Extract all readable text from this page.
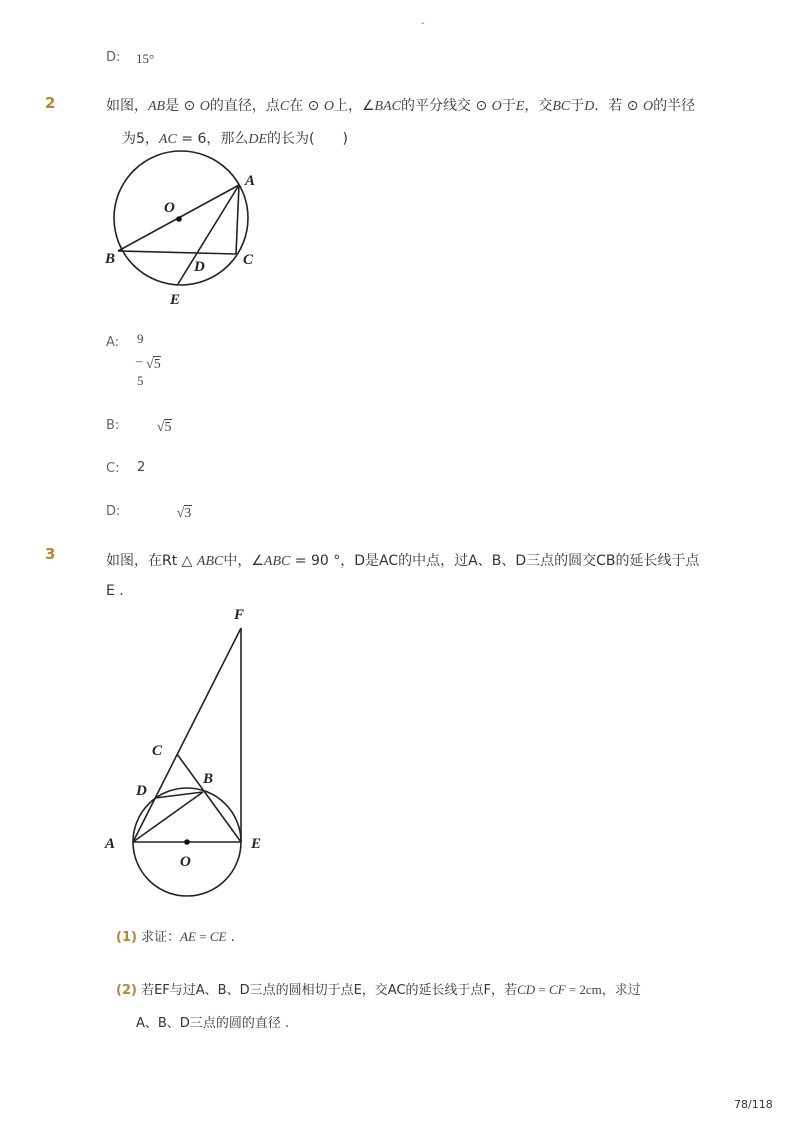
-
D: 15°
2	如图，AB是 ⊙ O的直径，点C在 ⊙ O上，∠BAC的平分线交 ⊙ O于E，交BC于D．若 ⊙ O的半径
为5，AC = 6，那么DE的长为(　　)
O
A
B	C
D
E
A: 9
– √5

5
B:	√5

C: 2
D:	√3
3	如图，在Rt △ ABC中，∠ABC = 90 °，D是AC的中点，过A、B、D三点的圆交CB的延长线于点
E .
F
C
B
D
A
O
E
(1) 求证：AE = CE .
(2) 若EF与过A、B、D三点的圆相切于点E，交AC的延长线于点F，若CD = CF = 2cm，求过
A、B、D三点的圆的直径 .
78/118
